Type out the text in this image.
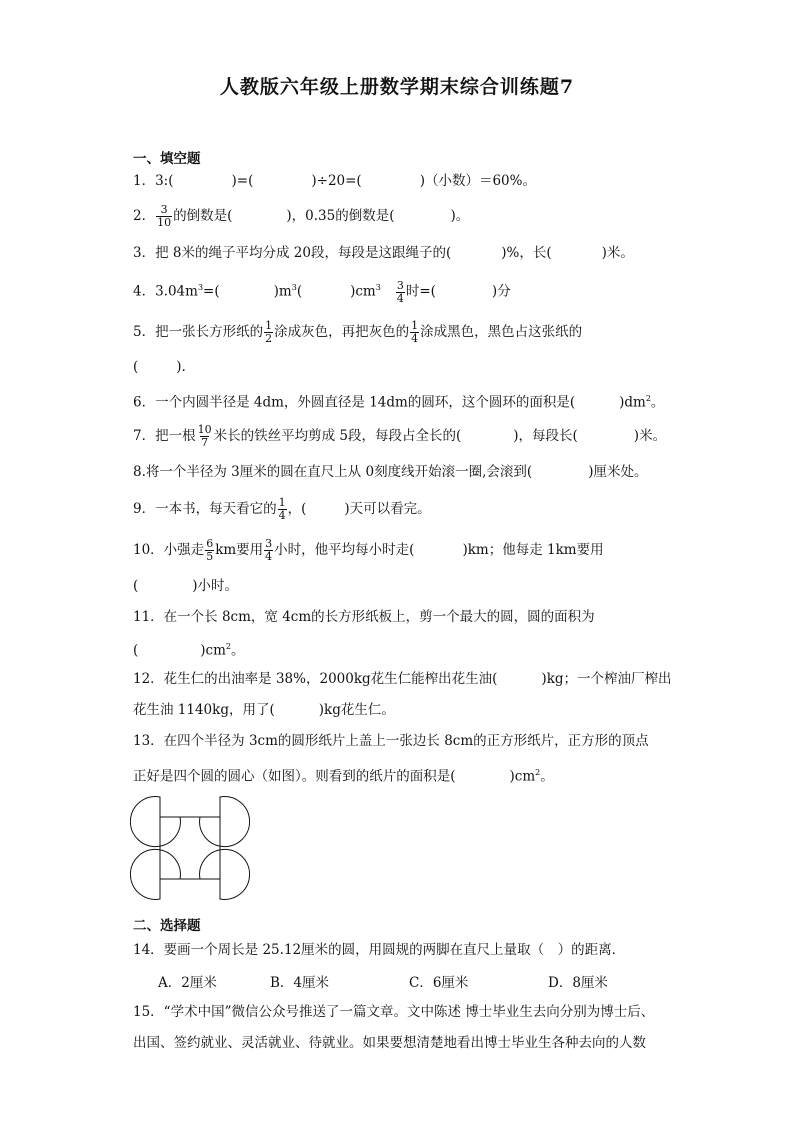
人教版六年级上册数学期末综合训练题7
一、填空题
1．3:(	)=(	)÷20=(	)（小数）＝60%。
2． $\frac{3}{10}$ 的倒数是(	)，0.35的倒数是(	)。
3．把 8米的绳子平均分成 20段，每段是这跟绳子的(	)%，长(	)米。
4．$3.04m^3=$(	)$m^3$(	)$cm^3 \frac{3}{4}$ 时=(	)分
5．把一张长方形纸的 $\frac{1}{2}$ 涂成灰色，再把灰色的 $\frac{1}{4}$ 涂成黑色，黑色占这张纸的
(	).
6．一个内圆半径是 4dm，外圆直径是 14dm的圆环，这个圆环的面积是(	)$dm^2$。
7．把一根 $\frac{10}{7}$ 米长的铁丝平均剪成 5段，每段占全长的(	)，每段长(	)米。
8.将一个半径为 3厘米的圆在直尺上从 0刻度线开始滚一圈,会滚到(	)厘米处。
9．一本书，每天看它的 $\frac{1}{4}$ ，(	)天可以看完。
10．小强走 $\frac{6}{5}$ km要用 $\frac{3}{4}$ 小时，他平均每小时走(	)km；他每走 1km要用
(	)小时。
11．在一个长 8cm，宽 4cm的长方形纸板上，剪一个最大的圆，圆的面积为
(	)$cm^2$。
12．花生仁的出油率是 38%，2000kg花生仁能榨出花生油(	)kg；一个榨油厂榨出
花生油 1140kg，用了(	)kg花生仁。
13．在四个半径为 3cm的圆形纸片上盖上一张边长 8cm的正方形纸片，正方形的顶点
正好是四个圆的圆心（如图）。则看到的纸片的面积是(	)$cm^2$。
二、选择题
14．要画一个周长是 25.12厘米的圆，用圆规的两脚在直尺上量取（　）的距离．
A．2厘米	B．4厘米	C．6厘米	D．8厘米
15．“学术中国”微信公众号推送了一篇文章。文中陈述 博士毕业生去向分别为博士后、
出国、签约就业、灵活就业、待就业。如果要想清楚地看出博士毕业生各种去向的人数
